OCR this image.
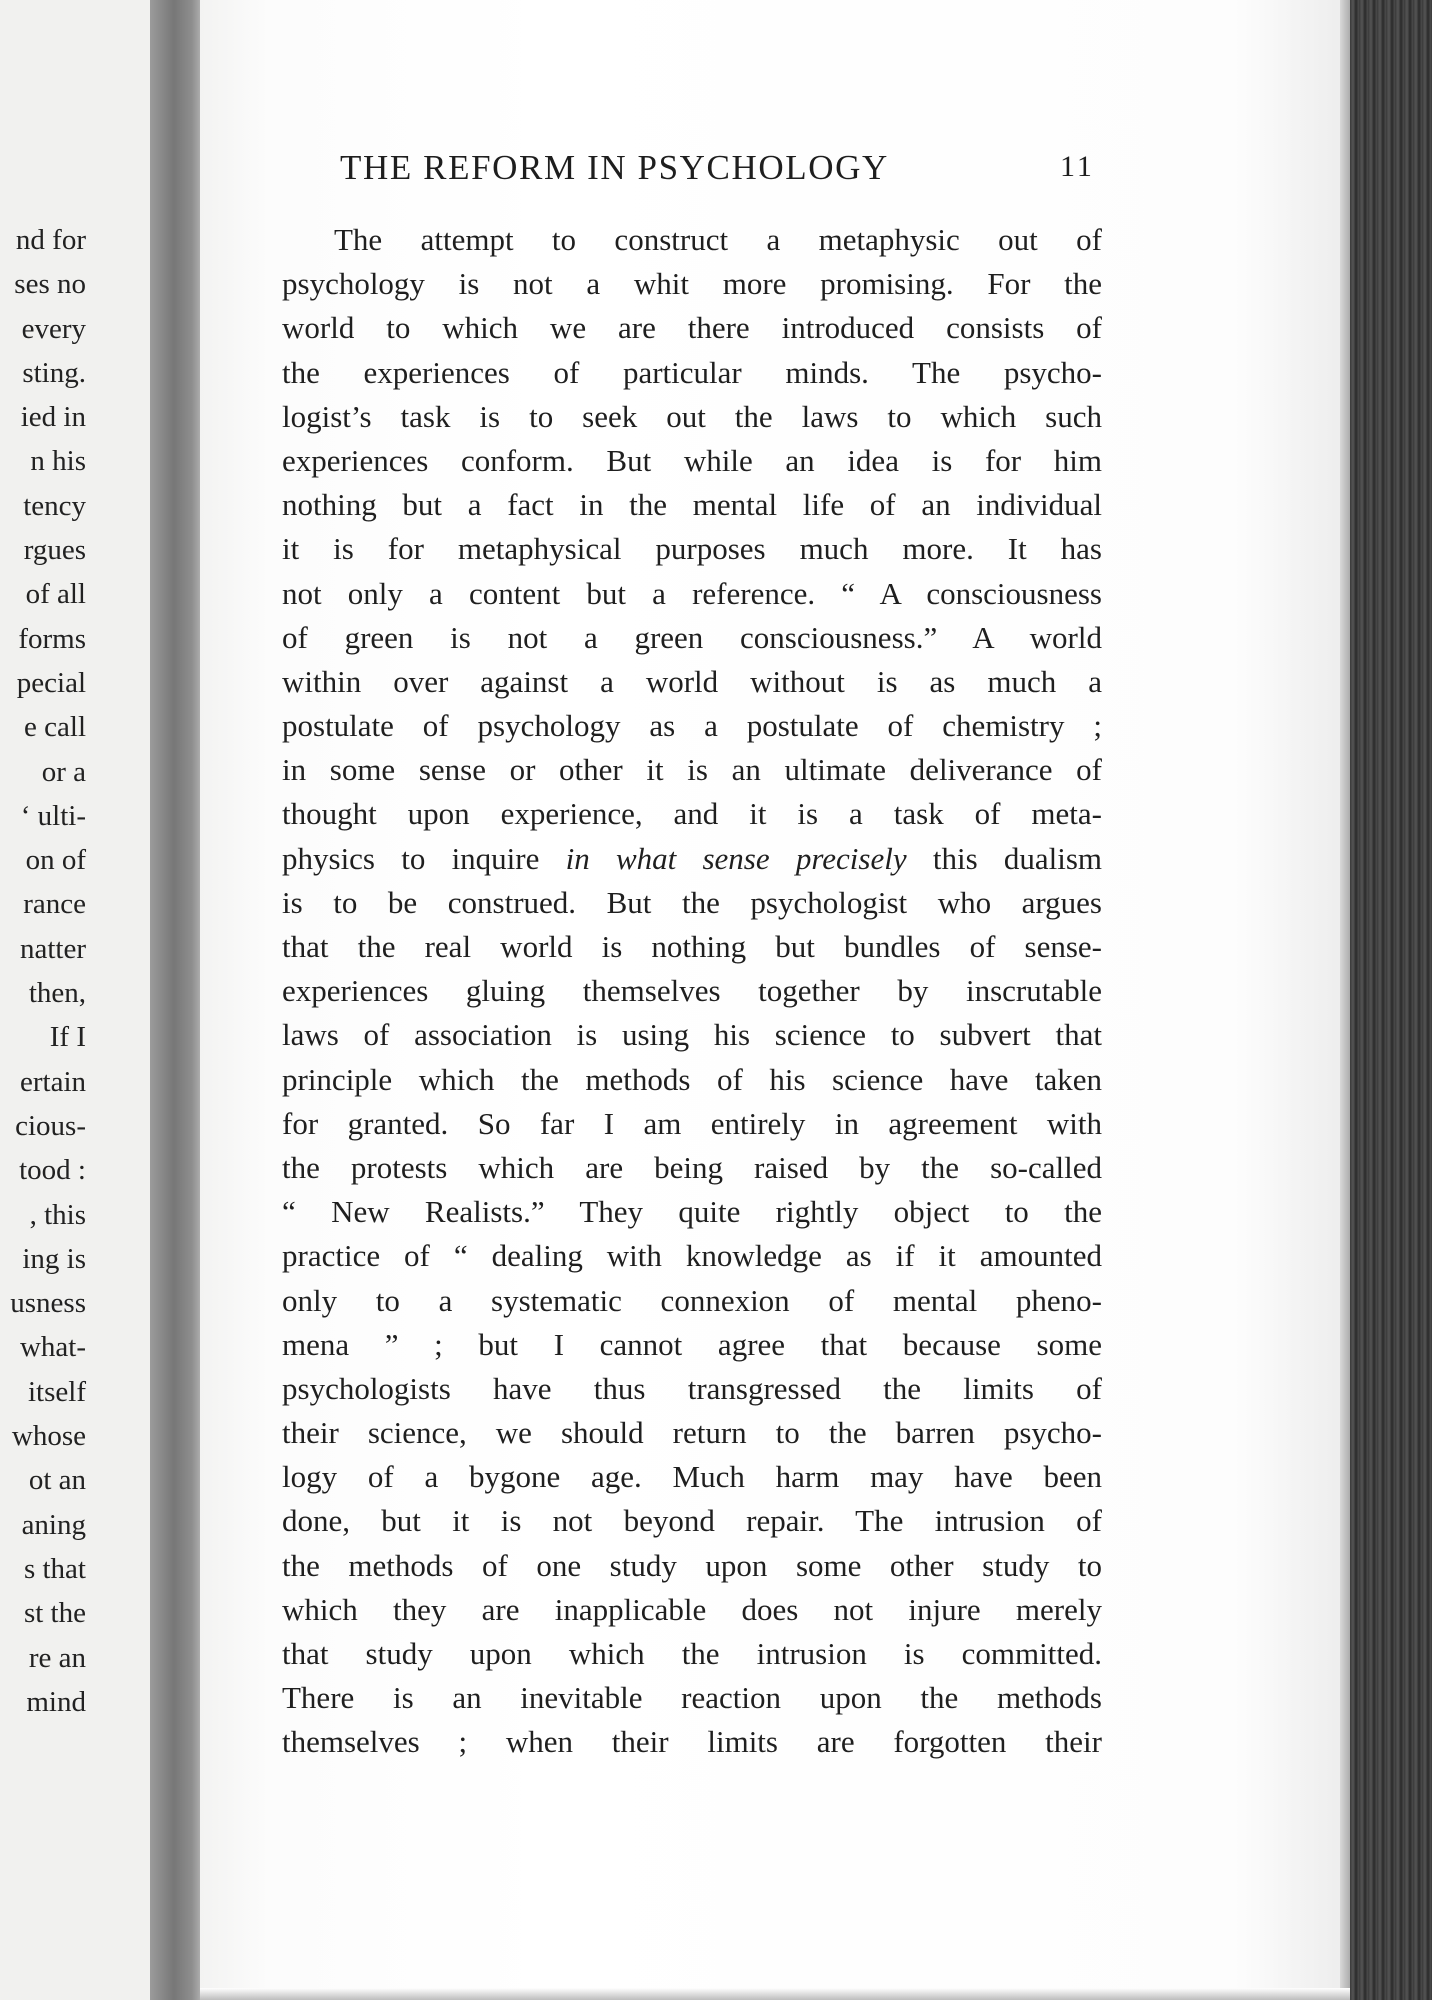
nd for
ses no
every
sting.
ied in
n his
tency
rgues
of all
forms
pecial
e call
or a
‘ ulti-
on of
rance
natter
then,
If I
ertain
cious-
tood :
, this
ing is
usness
what-
itself
whose
ot an
aning
s that
st the
re an
mind
THE REFORM IN PSYCHOLOGY	11
The attempt to construct a metaphysic out of
psychology is not a whit more promising. For the
world to which we are there introduced consists of
the experiences of particular minds. The psycho-
logist’s task is to seek out the laws to which such
experiences conform. But while an idea is for him
nothing but a fact in the mental life of an individual
it is for metaphysical purposes much more. It has
not only a content but a reference. “ A consciousness
of green is not a green consciousness.” A world
within over against a world without is as much a
postulate of psychology as a postulate of chemistry ;
in some sense or other it is an ultimate deliverance of
thought upon experience, and it is a task of meta-
physics to inquire in what sense precisely this dualism
is to be construed. But the psychologist who argues
that the real world is nothing but bundles of sense-
experiences gluing themselves together by inscrutable
laws of association is using his science to subvert that
principle which the methods of his science have taken
for granted. So far I am entirely in agreement with
the protests which are being raised by the so-called
“ New Realists.” They quite rightly object to the
practice of “ dealing with knowledge as if it amounted
only to a systematic connexion of mental pheno-
mena ” ; but I cannot agree that because some
psychologists have thus transgressed the limits of
their science, we should return to the barren psycho-
logy of a bygone age. Much harm may have been
done, but it is not beyond repair. The intrusion of
the methods of one study upon some other study to
which they are inapplicable does not injure merely
that study upon which the intrusion is committed.
There is an inevitable reaction upon the methods
themselves ; when their limits are forgotten their
